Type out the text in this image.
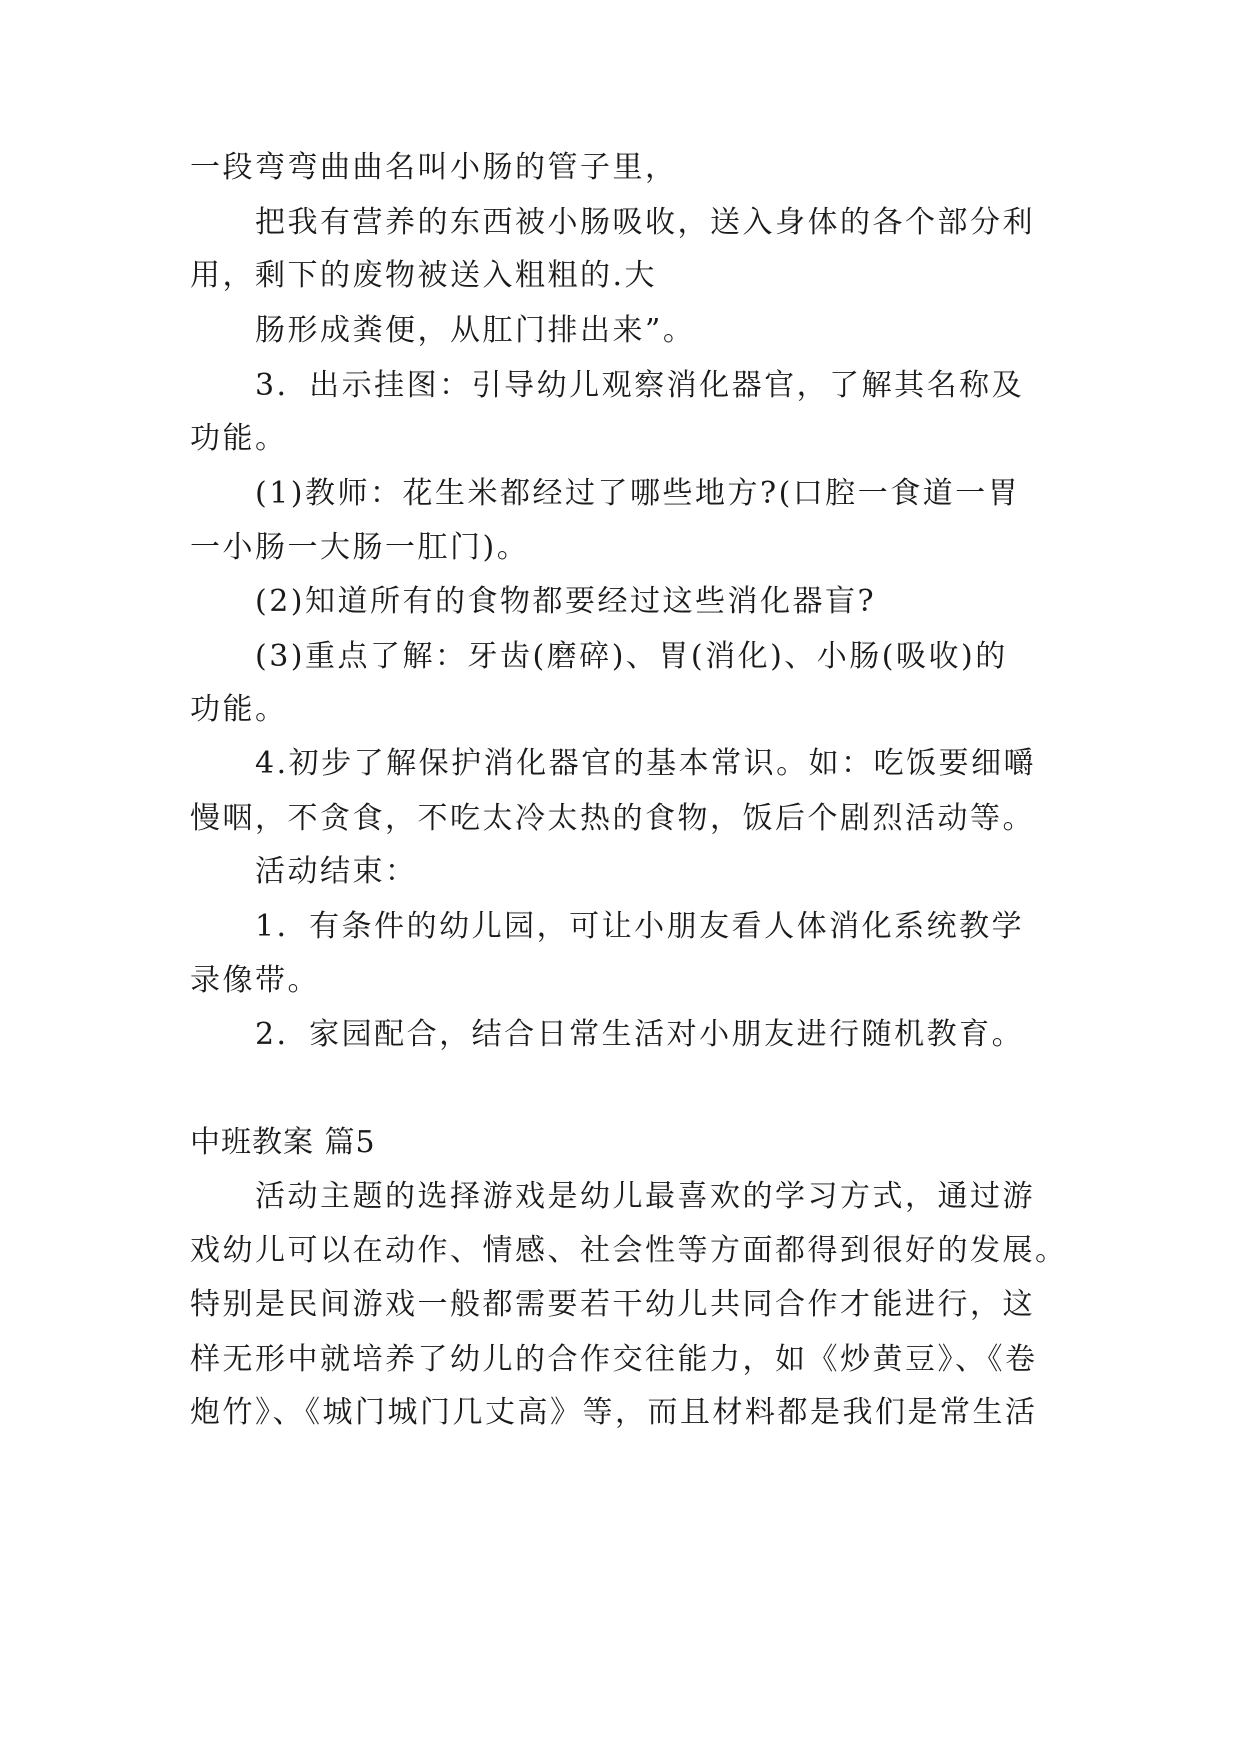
一段弯弯曲曲名叫小肠的管子里，
把我有营养的东西被小肠吸收，送入身体的各个部分利
用，剩下的废物被送入粗粗的.大
肠形成粪便，从肛门排出来”。
3．出示挂图：引导幼儿观察消化器官，了解其名称及
功能。
(1)教师：花生米都经过了哪些地方?(口腔一食道一胃
一小肠一大肠一肛门)。
(2)知道所有的食物都要经过这些消化器盲?
(3)重点了解：牙齿(磨碎)、胃(消化)、小肠(吸收)的
功能。
4.初步了解保护消化器官的基本常识。如：吃饭要细嚼
慢咽，不贪食，不吃太冷太热的食物，饭后个剧烈活动等。
活动结束：
1．有条件的幼儿园，可让小朋友看人体消化系统教学
录像带。
2．家园配合，结合日常生活对小朋友进行随机教育。
中班教案 篇5
活动主题的选择游戏是幼儿最喜欢的学习方式，通过游
戏幼儿可以在动作、情感、社会性等方面都得到很好的发展。
特别是民间游戏一般都需要若干幼儿共同合作才能进行，这
样无形中就培养了幼儿的合作交往能力，如《炒黄豆》、《卷
炮竹》、《城门城门几丈高》等，而且材料都是我们是常生活
